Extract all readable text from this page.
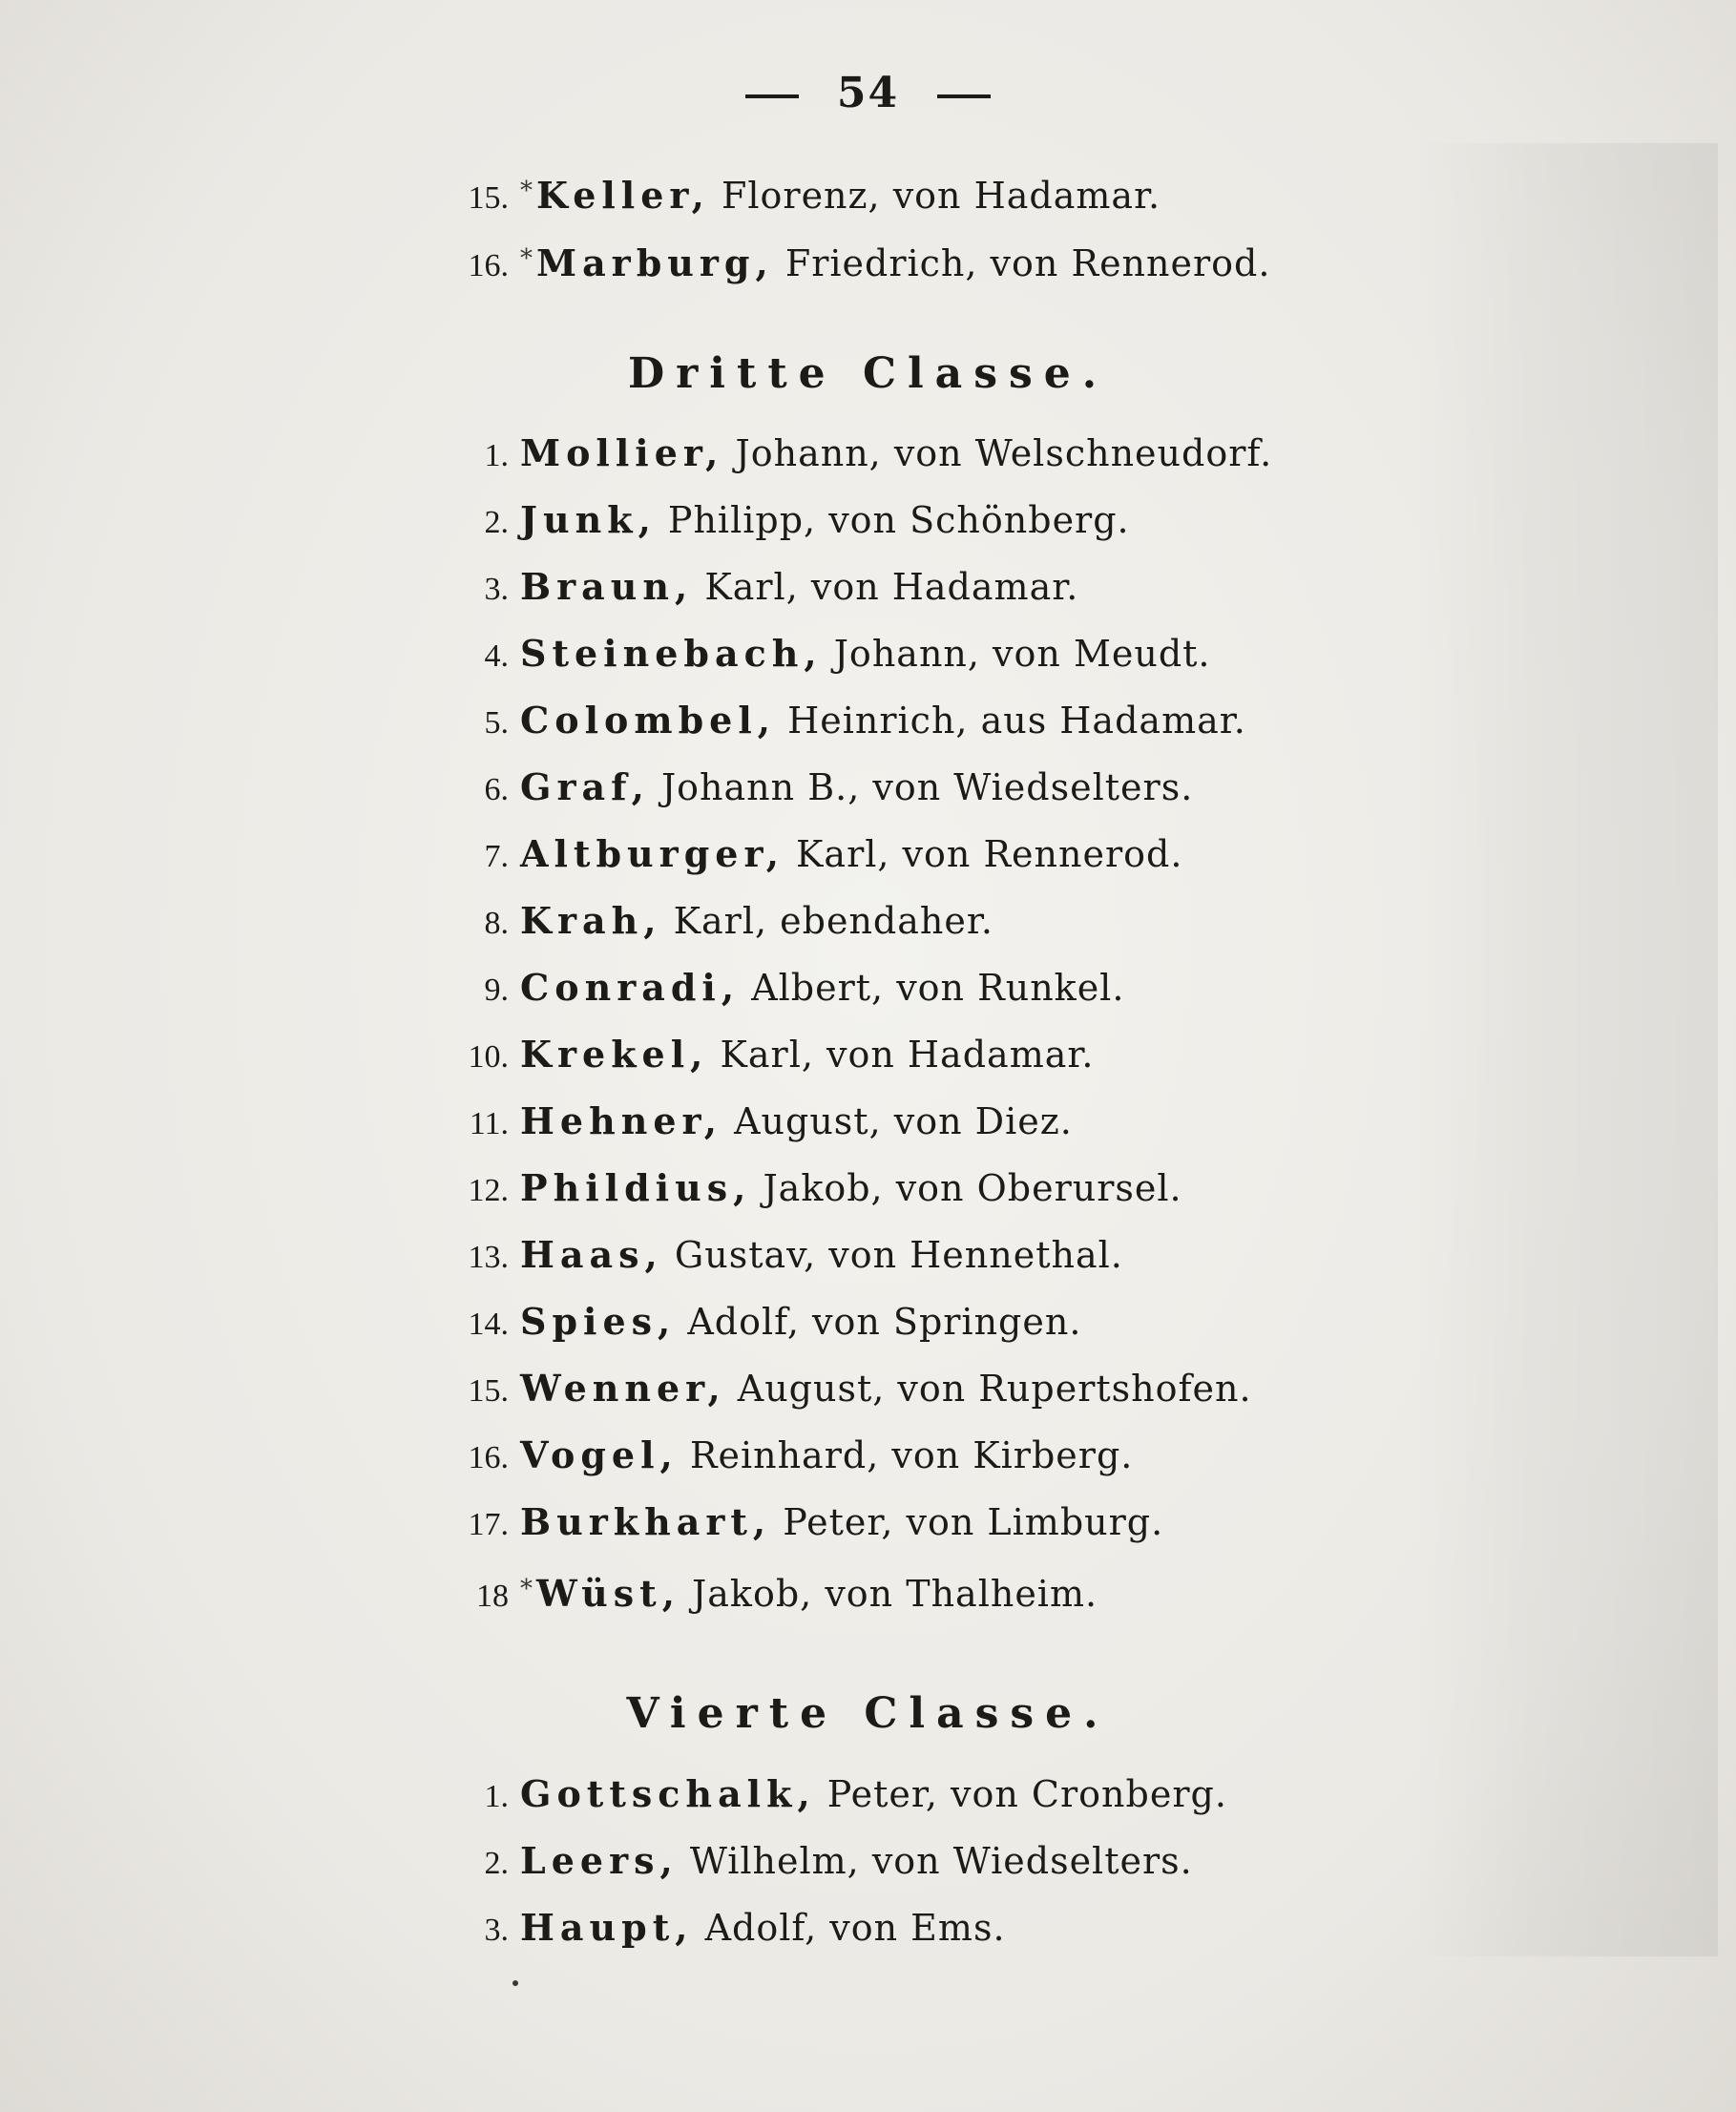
54
15. * Keller, Florenz, von Hadamar.
16. * Marburg, Friedrich, von Rennerod.
Dritte Classe.
1. Mollier, Johann, von Welschneudorf.
2. Junk, Philipp, von Schönberg.
3. Braun, Karl, von Hadamar.
4. Steinebach, Johann, von Meudt.
5. Colombel, Heinrich, aus Hadamar.
6. Graf, Johann B., von Wiedselters.
7. Altburger, Karl, von Rennerod.
8. Krah, Karl, ebendaher.
9. Conradi, Albert, von Runkel.
10. Krekel, Karl, von Hadamar.
11. Hehner, August, von Diez.
12. Phildius, Jakob, von Oberursel.
13. Haas, Gustav, von Hennethal.
14. Spies, Adolf, von Springen.
15. Wenner, August, von Rupertshofen.
16. Vogel, Reinhard, von Kirberg.
17. Burkhart, Peter, von Limburg.
18 * Wüst, Jakob, von Thalheim.
Vierte Classe.
1. Gottschalk, Peter, von Cronberg.
2. Leers, Wilhelm, von Wiedselters.
3. Haupt, Adolf, von Ems.
